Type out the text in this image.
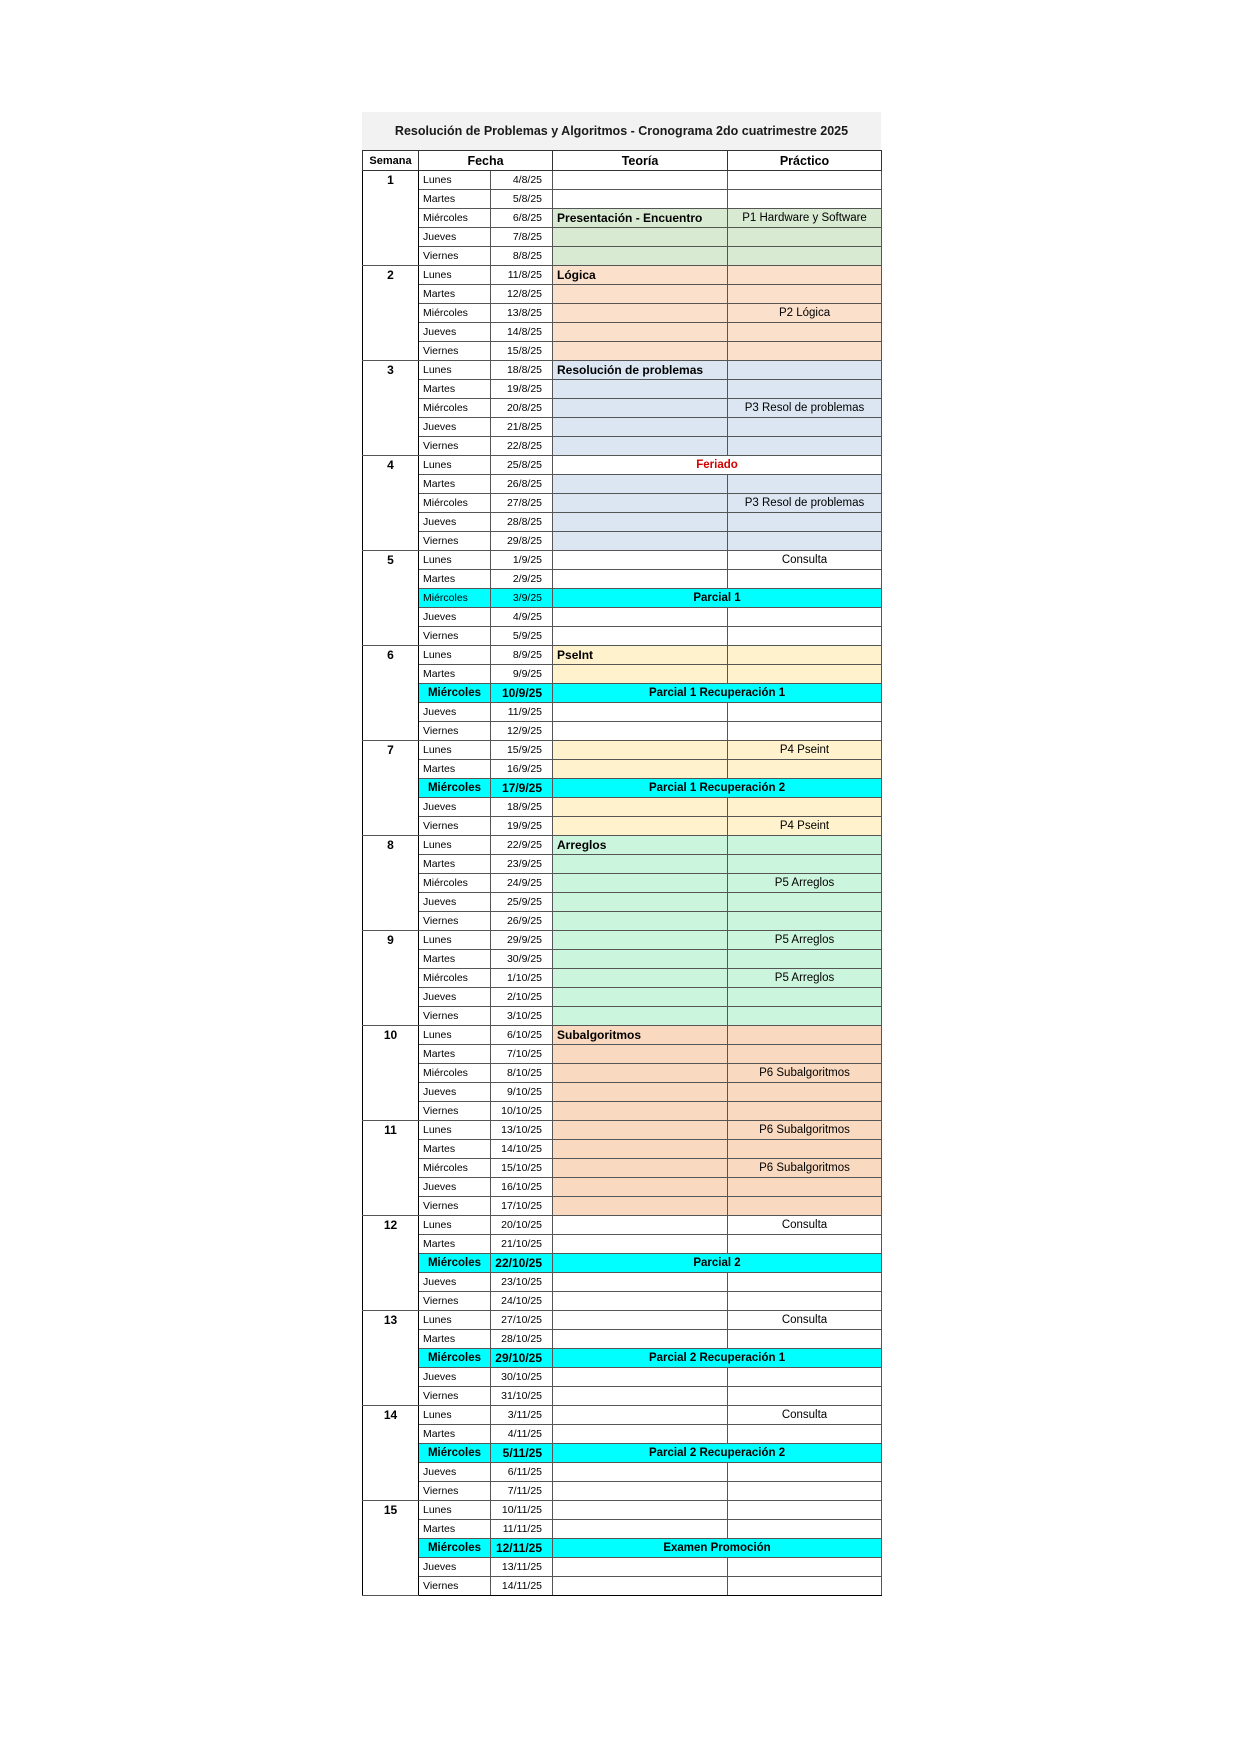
Resolución de Problemas y Algoritmos - Cronograma 2do cuatrimestre 2025
Semana	Fecha		Teoría	Práctico
1	Lunes	4/8/25		
	Martes	5/8/25		
	Miércoles	6/8/25	Presentación - Encuentro	P1 Hardware y Software
	Jueves	7/8/25		
	Viernes	8/8/25		
2	Lunes	11/8/25	Lógica	
	Martes	12/8/25		
	Miércoles	13/8/25		P2 Lógica
	Jueves	14/8/25		
	Viernes	15/8/25		
3	Lunes	18/8/25	Resolución de problemas	
	Martes	19/8/25		
	Miércoles	20/8/25		P3 Resol de problemas
	Jueves	21/8/25		
	Viernes	22/8/25		
4	Lunes	25/8/25	Feriado	
	Martes	26/8/25		
	Miércoles	27/8/25		P3 Resol de problemas
	Jueves	28/8/25		
	Viernes	29/8/25		
5	Lunes	1/9/25		Consulta
	Martes	2/9/25		
	Miércoles	3/9/25	Parcial 1	
	Jueves	4/9/25		
	Viernes	5/9/25		
6	Lunes	8/9/25	PseInt	
	Martes	9/9/25		
	Miércoles	10/9/25	Parcial 1 Recuperación 1	
	Jueves	11/9/25		
	Viernes	12/9/25		
7	Lunes	15/9/25		P4 Pseint
	Martes	16/9/25		
	Miércoles	17/9/25	Parcial 1 Recuperación 2	
	Jueves	18/9/25		
	Viernes	19/9/25		P4 Pseint
8	Lunes	22/9/25	Arreglos	
	Martes	23/9/25		
	Miércoles	24/9/25		P5 Arreglos
	Jueves	25/9/25		
	Viernes	26/9/25		
9	Lunes	29/9/25		P5 Arreglos
	Martes	30/9/25		
	Miércoles	1/10/25		P5 Arreglos
	Jueves	2/10/25		
	Viernes	3/10/25		
10	Lunes	6/10/25	Subalgoritmos	
	Martes	7/10/25		
	Miércoles	8/10/25		P6 Subalgoritmos
	Jueves	9/10/25		
	Viernes	10/10/25		
11	Lunes	13/10/25		P6 Subalgoritmos
	Martes	14/10/25		
	Miércoles	15/10/25		P6 Subalgoritmos
	Jueves	16/10/25		
	Viernes	17/10/25		
12	Lunes	20/10/25		Consulta
	Martes	21/10/25		
	Miércoles	22/10/25	Parcial 2	
	Jueves	23/10/25		
	Viernes	24/10/25		
13	Lunes	27/10/25		Consulta
	Martes	28/10/25		
	Miércoles	29/10/25	Parcial 2 Recuperación 1	
	Jueves	30/10/25		
	Viernes	31/10/25		
14	Lunes	3/11/25		Consulta
	Martes	4/11/25		
	Miércoles	5/11/25	Parcial 2 Recuperación 2	
	Jueves	6/11/25		
	Viernes	7/11/25		
15	Lunes	10/11/25		
	Martes	11/11/25		
	Miércoles	12/11/25	Examen Promoción	
	Jueves	13/11/25		
	Viernes	14/11/25		
